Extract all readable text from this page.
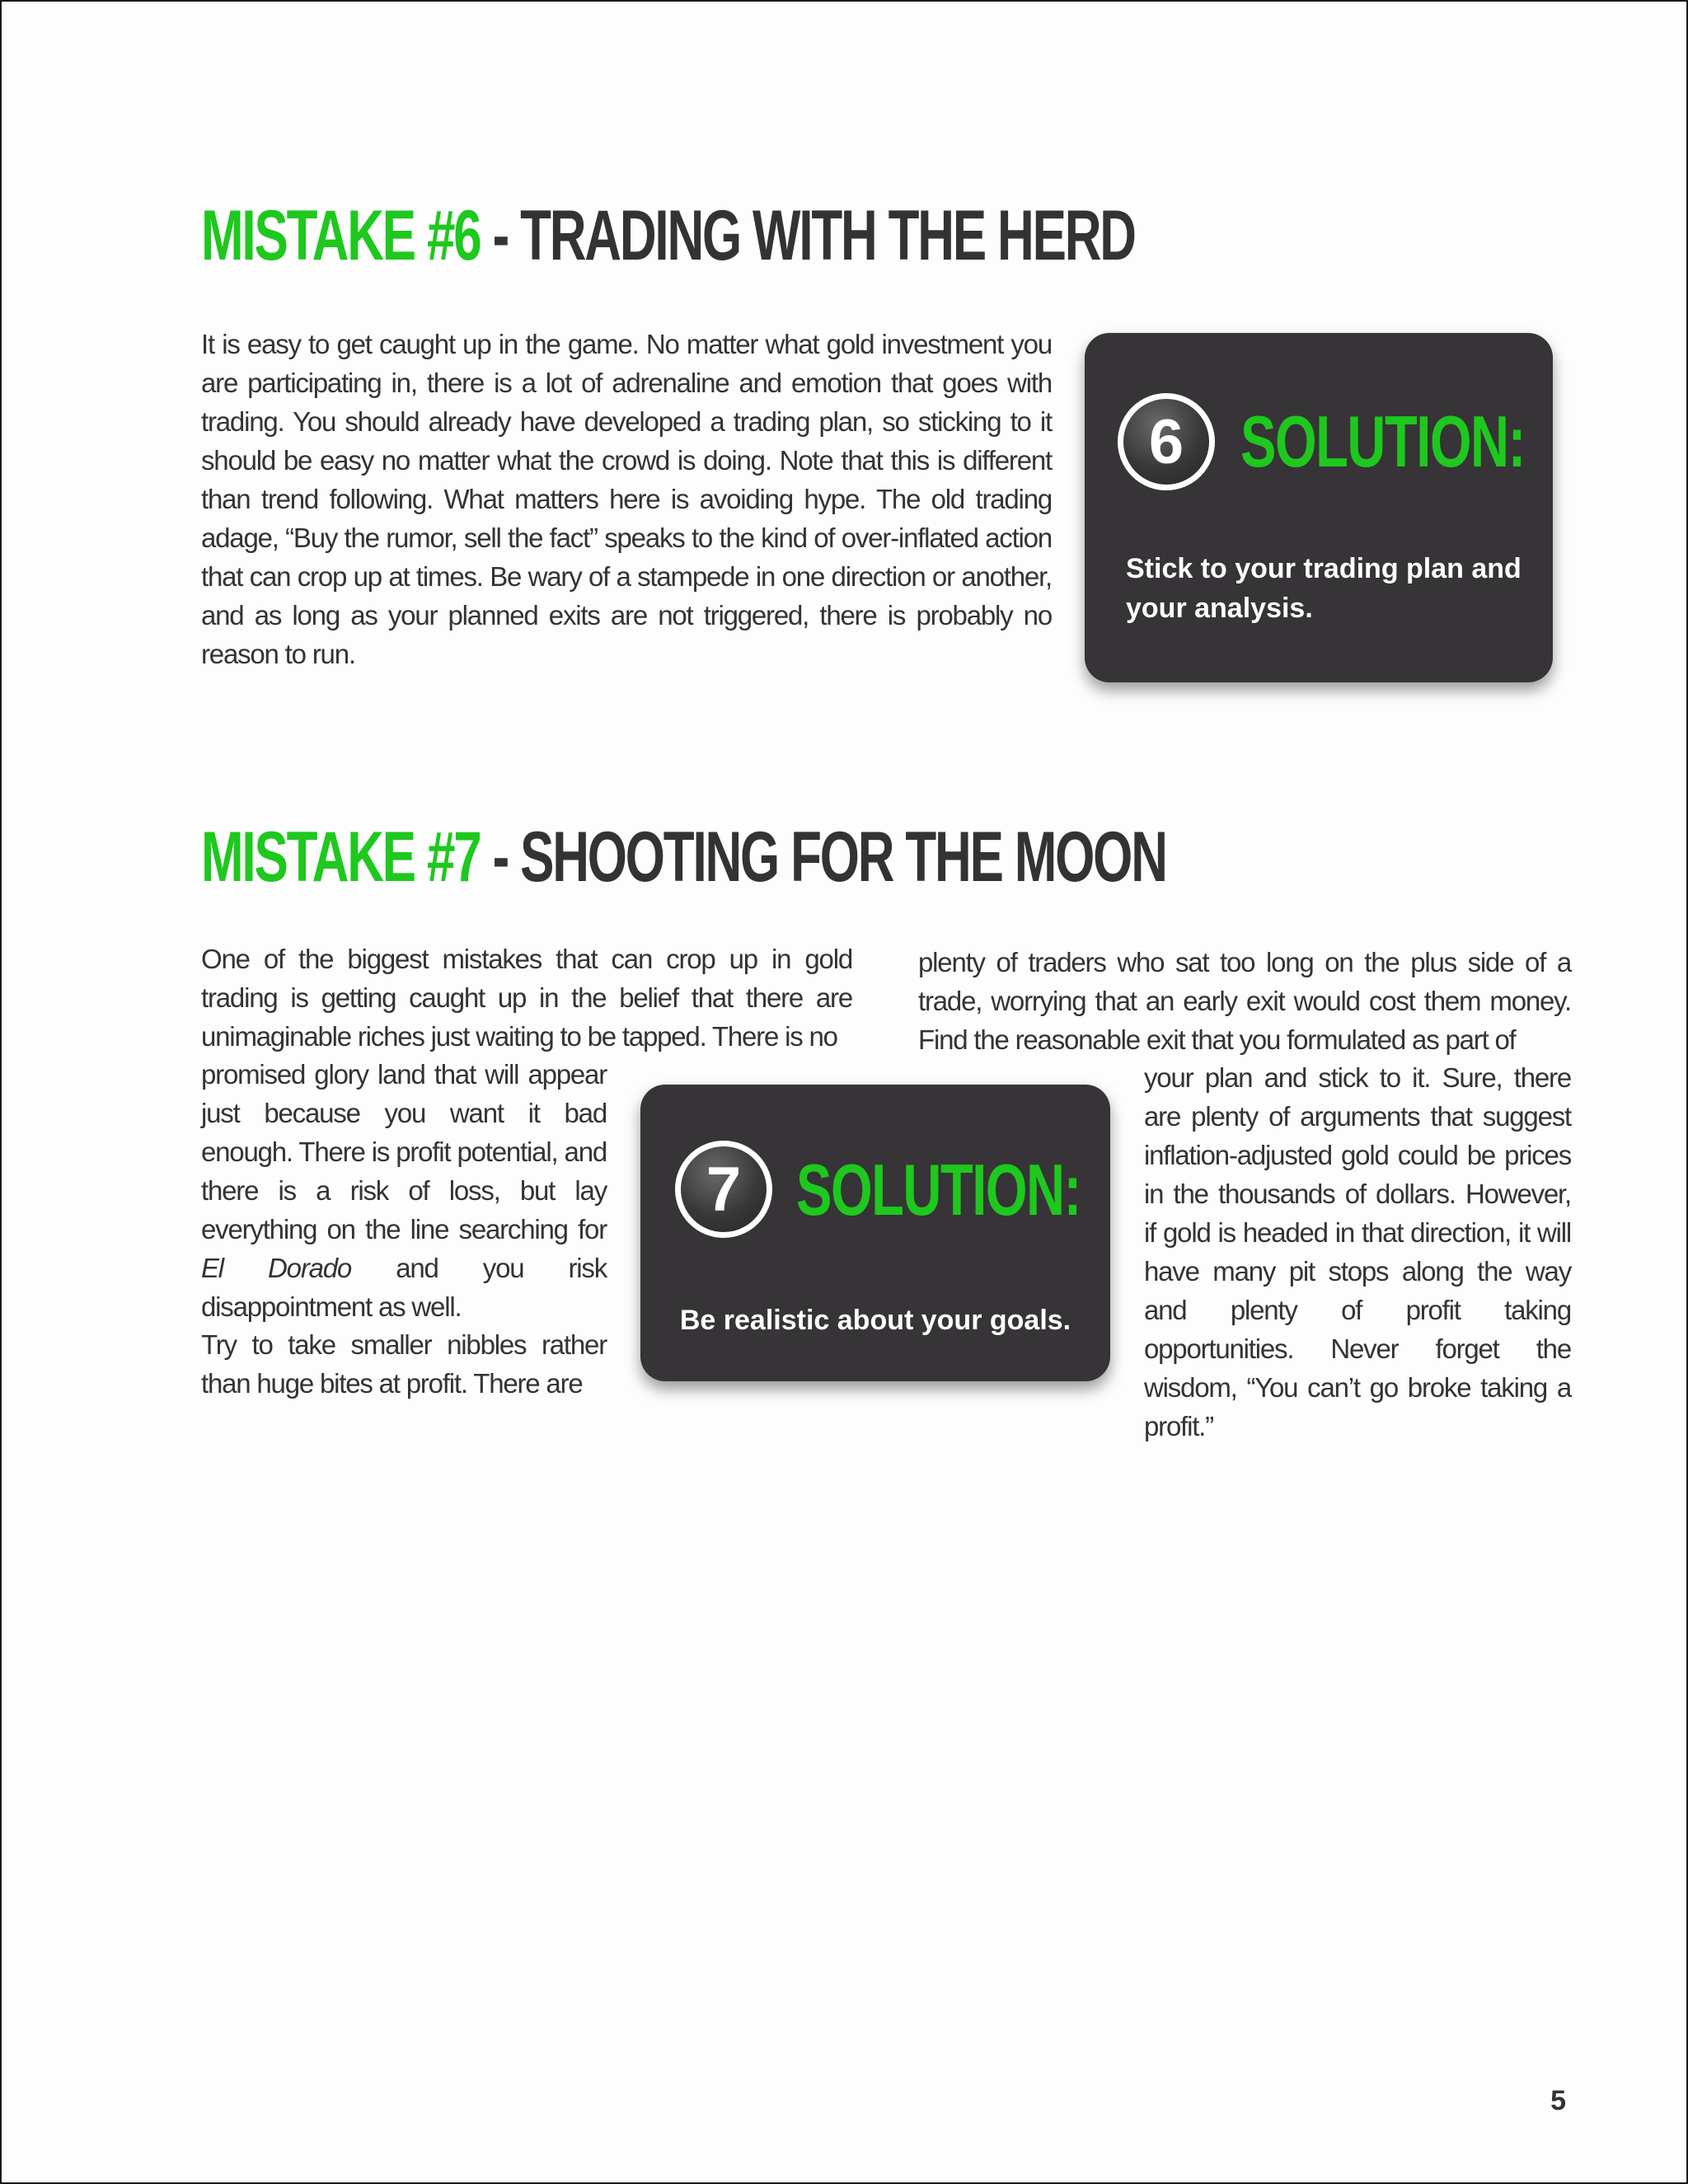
MISTAKE #6 - TRADING WITH THE HERD

It is easy to get caught up in the game. No matter what gold investment you are participating in, there is a lot of adrenaline and emotion that goes with trading. You should already have developed a trading plan, so sticking to it should be easy no matter what the crowd is doing. Note that this is different than trend following. What matters here is avoiding hype. The old trading adage, “Buy the rumor, sell the fact” speaks to the kind of over-inflated action that can crop up at times. Be wary of a stampede in one direction or another, and as long as your planned exits are not triggered, there is probably no reason to run.

6 SOLUTION:

Stick to your trading plan and your analysis.

MISTAKE #7 - SHOOTING FOR THE MOON

One of the biggest mistakes that can crop up in gold trading is getting caught up in the belief that there are unimaginable riches just waiting to be tapped. There is no

promised glory land that will appear just because you want it bad enough. There is profit potential, and there is a risk of loss, but lay everything on the line searching for El Dorado and you risk disappointment as well.

Try to take smaller nibbles rather than huge bites at profit. There are

plenty of traders who sat too long on the plus side of a trade, worrying that an early exit would cost them money. Find the reasonable exit that you formulated as part of

your plan and stick to it. Sure, there are plenty of arguments that suggest inflation-adjusted gold could be prices in the thousands of dollars. However, if gold is headed in that direction, it will have many pit stops along the way and plenty of profit taking opportunities. Never forget the wisdom, “You can’t go broke taking a profit.”

7 SOLUTION:

Be realistic about your goals.

5
